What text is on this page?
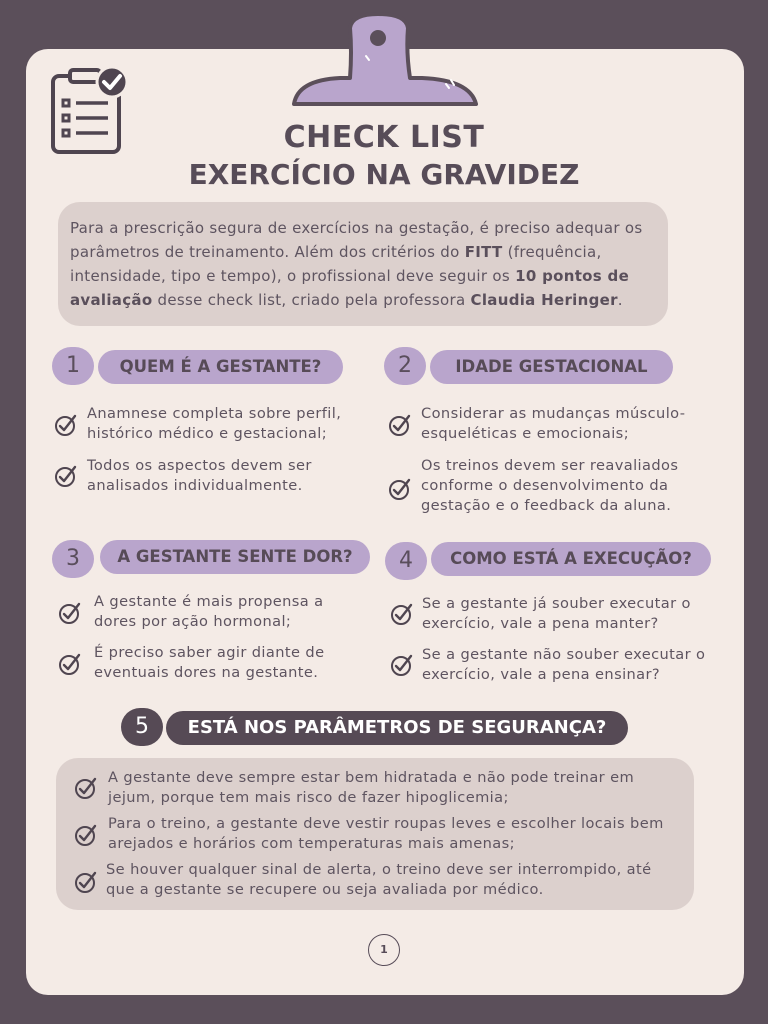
CHECK LIST
EXERCÍCIO NA GRAVIDEZ
Para a prescrição segura de exercícios na gestação, é preciso adequar os parâmetros de treinamento. Além dos critérios do FITT (frequência, intensidade, tipo e tempo), o profissional deve seguir os 10 pontos de avaliação desse check list, criado pela professora Claudia Heringer.
1	QUEM É A GESTANTE?
Anamnese completa sobre perfil, histórico médico e gestacional;
Todos os aspectos devem ser analisados individualmente.
2	IDADE GESTACIONAL
Considerar as mudanças músculo-esqueléticas e emocionais;
Os treinos devem ser reavaliados conforme o desenvolvimento da gestação e o feedback da aluna.
3	A GESTANTE SENTE DOR?
A gestante é mais propensa a dores por ação hormonal;
É preciso saber agir diante de eventuais dores na gestante.
4	COMO ESTÁ A EXECUÇÃO?
Se a gestante já souber executar o exercício, vale a pena manter?
Se a gestante não souber executar o exercício, vale a pena ensinar?
5	ESTÁ NOS PARÂMETROS DE SEGURANÇA?
A gestante deve sempre estar bem hidratada e não pode treinar em jejum, porque tem mais risco de fazer hipoglicemia;
Para o treino, a gestante deve vestir roupas leves e escolher locais bem arejados e horários com temperaturas mais amenas;
Se houver qualquer sinal de alerta, o treino deve ser interrompido, até que a gestante se recupere ou seja avaliada por médico.
1
